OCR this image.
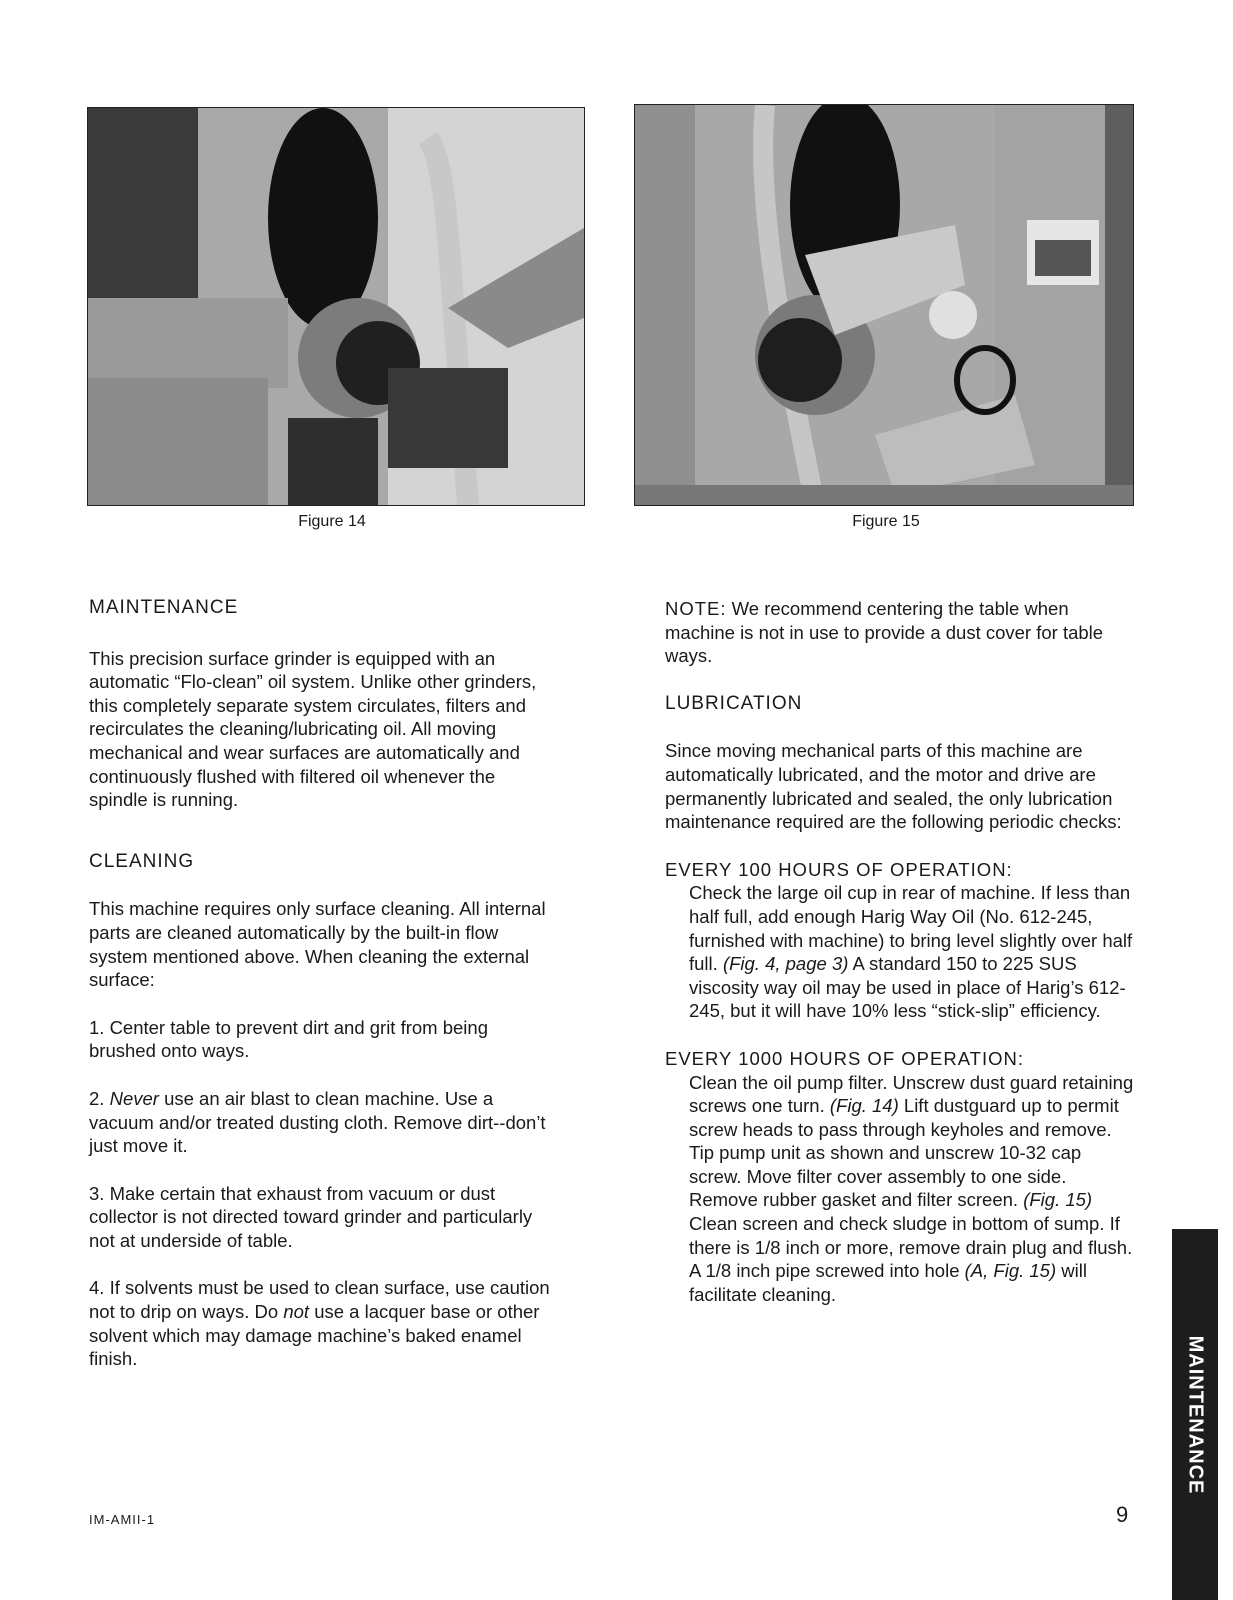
Figure 14	Figure 15
MAINTENANCE

This precision surface grinder is equipped with an automatic “Flo-clean” oil system. Unlike other grinders, this completely separate system circulates, filters and recirculates the cleaning/lubricating oil. All moving mechanical and wear surfaces are automatically and continuously flushed with filtered oil whenever the spindle is running.

CLEANING

This machine requires only surface cleaning. All internal parts are cleaned automatically by the built-in flow system mentioned above. When cleaning the external surface:

1. Center table to prevent dirt and grit from being brushed onto ways.

2. Never use an air blast to clean machine. Use a vacuum and/or treated dusting cloth. Remove dirt--don’t just move it.

3. Make certain that exhaust from vacuum or dust collector is not directed toward grinder and particularly not at underside of table.

4. If solvents must be used to clean surface, use caution not to drip on ways. Do not use a lacquer base or other solvent which may damage machine’s baked enamel finish.

NOTE: We recommend centering the table when machine is not in use to provide a dust cover for table ways.

LUBRICATION

Since moving mechanical parts of this machine are automatically lubricated, and the motor and drive are permanently lubricated and sealed, the only lubrication maintenance required are the following periodic checks:

EVERY 100 HOURS OF OPERATION:

Check the large oil cup in rear of machine. If less than half full, add enough Harig Way Oil (No. 612-245, furnished with machine) to bring level slightly over half full. (Fig. 4, page 3) A standard 150 to 225 SUS viscosity way oil may be used in place of Harig’s 612-245, but it will have 10% less “stick-slip” efficiency.

EVERY 1000 HOURS OF OPERATION:

Clean the oil pump filter. Unscrew dust guard retaining screws one turn. (Fig. 14) Lift dustguard up to permit screw heads to pass through keyholes and remove. Tip pump unit as shown and unscrew 10-32 cap screw. Move filter cover assembly to one side. Remove rubber gasket and filter screen. (Fig. 15) Clean screen and check sludge in bottom of sump. If there is 1/8 inch or more, remove drain plug and flush. A 1/8 inch pipe screwed into hole (A, Fig. 15) will facilitate cleaning.

MAINTENANCE
IM-AMII-1	9
